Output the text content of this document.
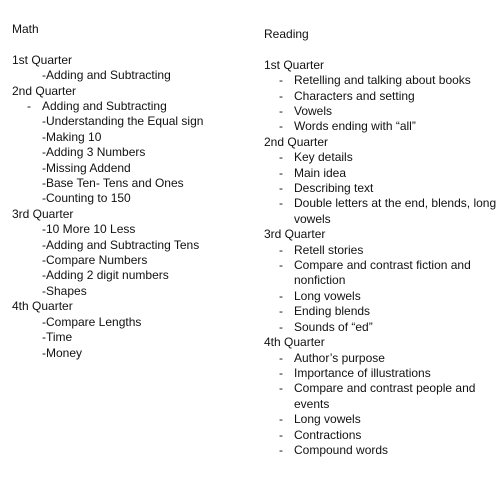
Math
1st Quarter
-Adding and Subtracting
2nd Quarter
- Adding and Subtracting
-Understanding the Equal sign
-Making 10
-Adding 3 Numbers
-Missing Addend
-Base Ten- Tens and Ones
-Counting to 150
3rd Quarter
-10 More 10 Less
-Adding and Subtracting Tens
-Compare Numbers
-Adding 2 digit numbers
-Shapes
4th Quarter
-Compare Lengths
-Time
-Money
Reading
1st Quarter
- Retelling and talking about books
- Characters and setting
- Vowels
- Words ending with “all”
2nd Quarter
- Key details
- Main idea
- Describing text
- Double letters at the end, blends, long vowels
3rd Quarter
- Retell stories
- Compare and contrast fiction and nonfiction
- Long vowels
- Ending blends
- Sounds of “ed”
4th Quarter
- Author’s purpose
- Importance of illustrations
- Compare and contrast people and events
- Long vowels
- Contractions
- Compound words
